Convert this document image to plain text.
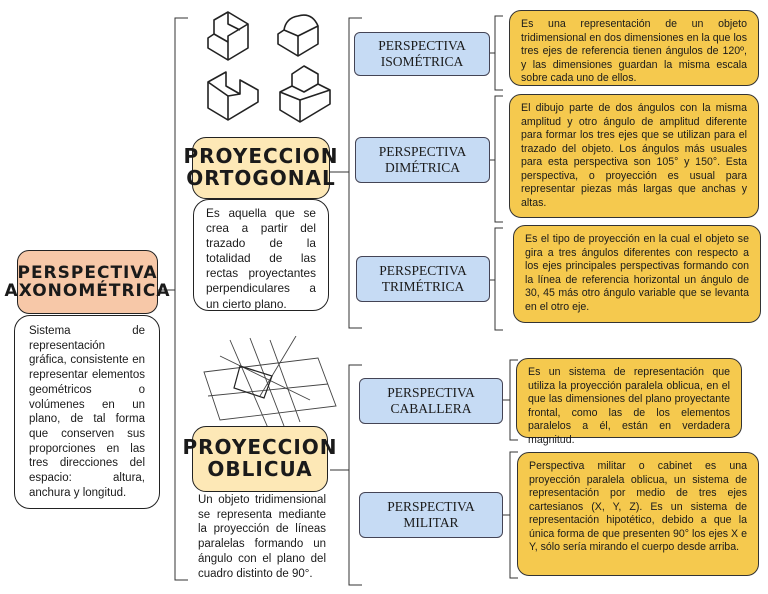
PERSPECTIVA AXONOMÉTRICA
Sistema de representación gráfica, consistente en representar elementos geométricos o volúmenes en un plano, de tal forma que conserven sus proporciones en las tres direcciones del espacio: altura, anchura y longitud.
PROYECCION ORTOGONAL
Es aquella que se crea a partir del trazado de la totalidad de las rectas proyectantes perpendiculares a un cierto plano.
PROYECCION OBLICUA
Un objeto tridimensional se representa mediante la proyección de líneas paralelas formando un ángulo con el plano del cuadro distinto de 90°.
PERSPECTIVA ISOMÉTRICA
PERSPECTIVA DIMÉTRICA
PERSPECTIVA TRIMÉTRICA
PERSPECTIVA CABALLERA
PERSPECTIVA MILITAR
Es una representación de un objeto tridimensional en dos dimensiones en la que los tres ejes de referencia tienen ángulos de 120º, y las dimensiones guardan la misma escala sobre cada uno de ellos.
El dibujo parte de dos ángulos con la misma amplitud y otro ángulo de amplitud diferente para formar los tres ejes que se utilizan para el trazado del objeto. Los ángulos más usuales para esta perspectiva son 105° y 150°. Esta perspectiva, o proyección es usual para representar piezas más largas que anchas y altas.
Es el tipo de proyección en la cual el objeto se gira a tres ángulos diferentes con respecto a los ejes principales perspectivas formando con la línea de referencia horizontal un ángulo de 30, 45 más otro ángulo variable que se levanta en el otro eje.
Es un sistema de representación que utiliza la proyección paralela oblicua, en el que las dimensiones del plano proyectante frontal, como las de los elementos paralelos a él, están en verdadera magnitud.
Perspectiva militar o cabinet es una proyección paralela oblicua, un sistema de representación por medio de tres ejes cartesianos (X, Y, Z). Es un sistema de representación hipotético, debido a que la única forma de que presenten 90° los ejes X e Y, sólo sería mirando el cuerpo desde arriba.
